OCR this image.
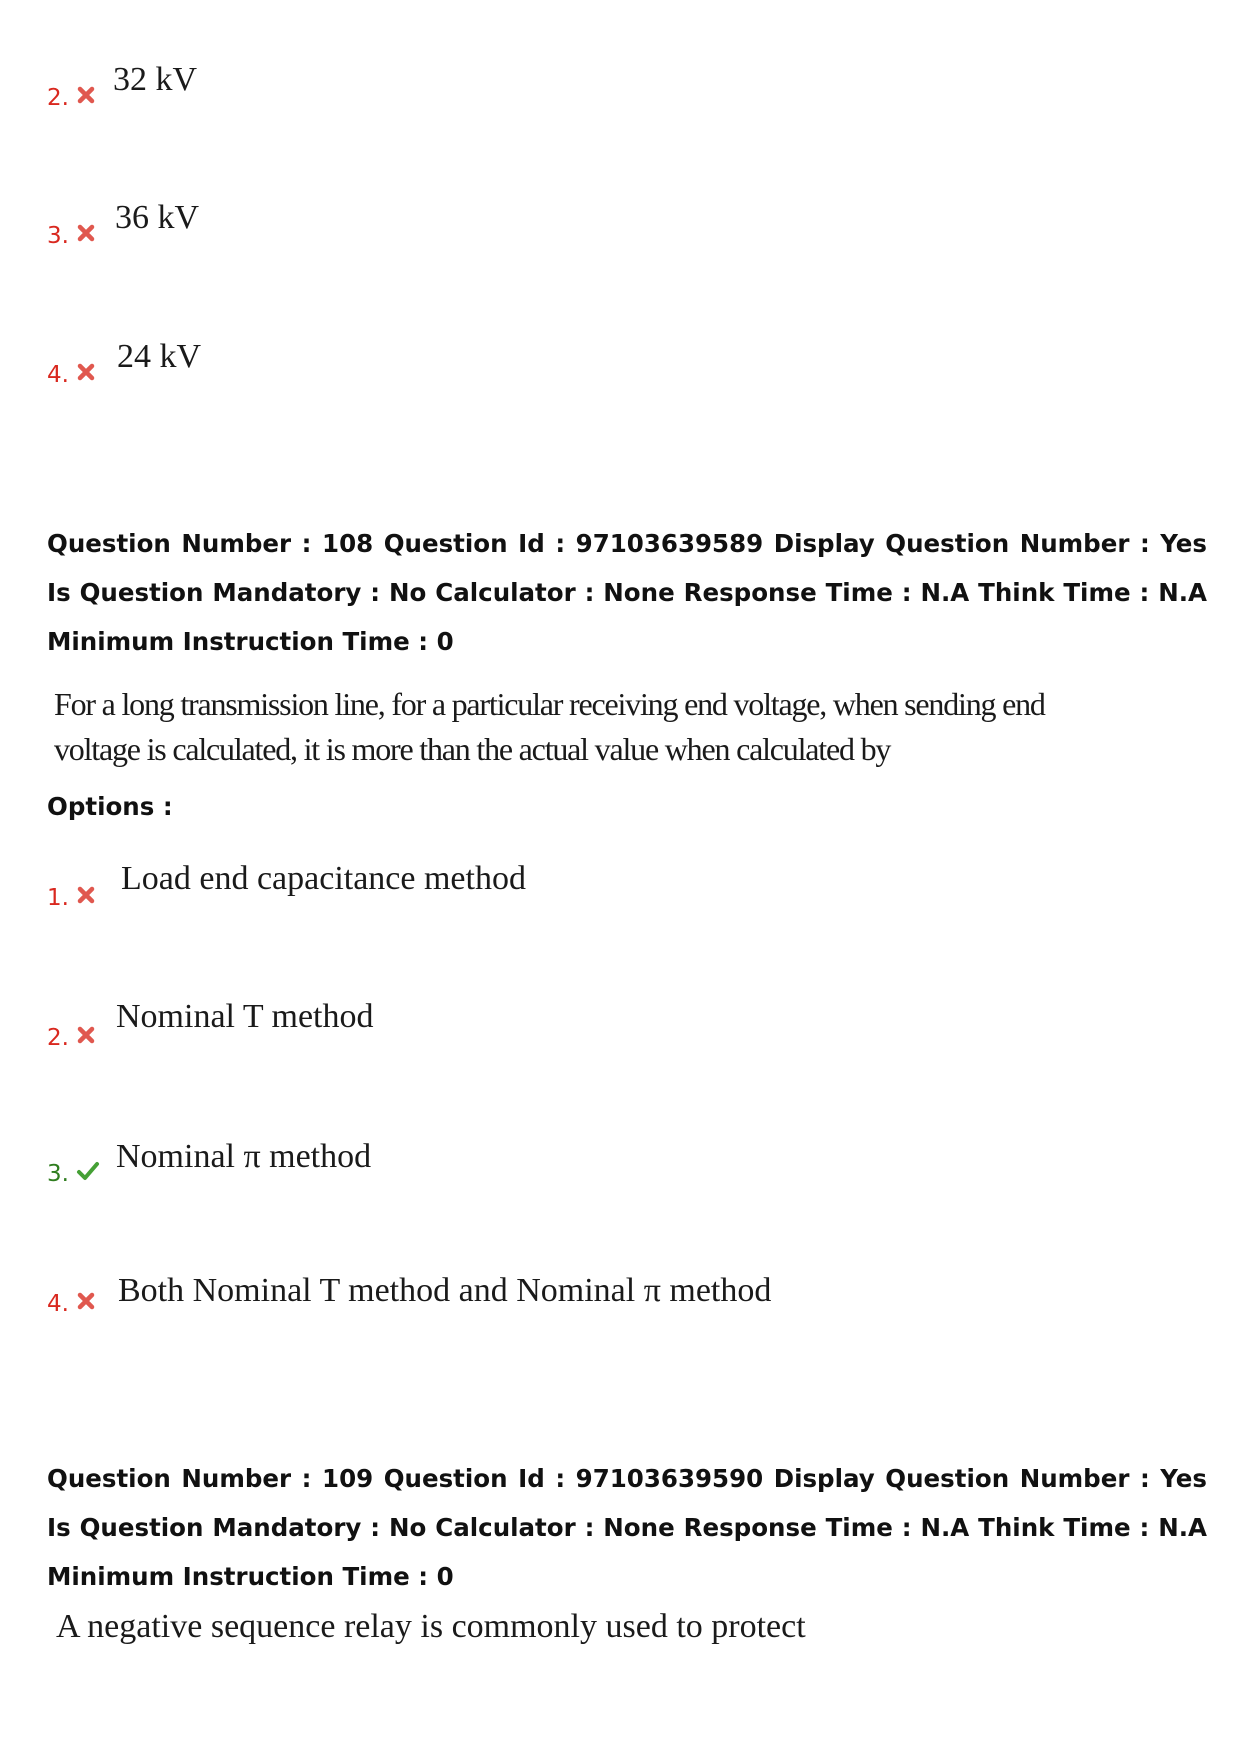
2. 32 kV
3. 36 kV
4. 24 kV
Question Number : 108 Question Id : 97103639589 Display Question Number : Yes Is Question Mandatory : No Calculator : None Response Time : N.A Think Time : N.A Minimum Instruction Time : 0
For a long transmission line, for a particular receiving end voltage, when sending end
voltage is calculated, it is more than the actual value when calculated by
Options :
1.
Load end capacitance method
2.
Nominal T method
3. Nominal π method
4. Both Nominal T method and Nominal π method
Question Number : 109 Question Id : 97103639590 Display Question Number : Yes Is Question Mandatory : No Calculator : None Response Time : N.A Think Time : N.A Minimum Instruction Time : 0
A negative sequence relay is commonly used to protect
